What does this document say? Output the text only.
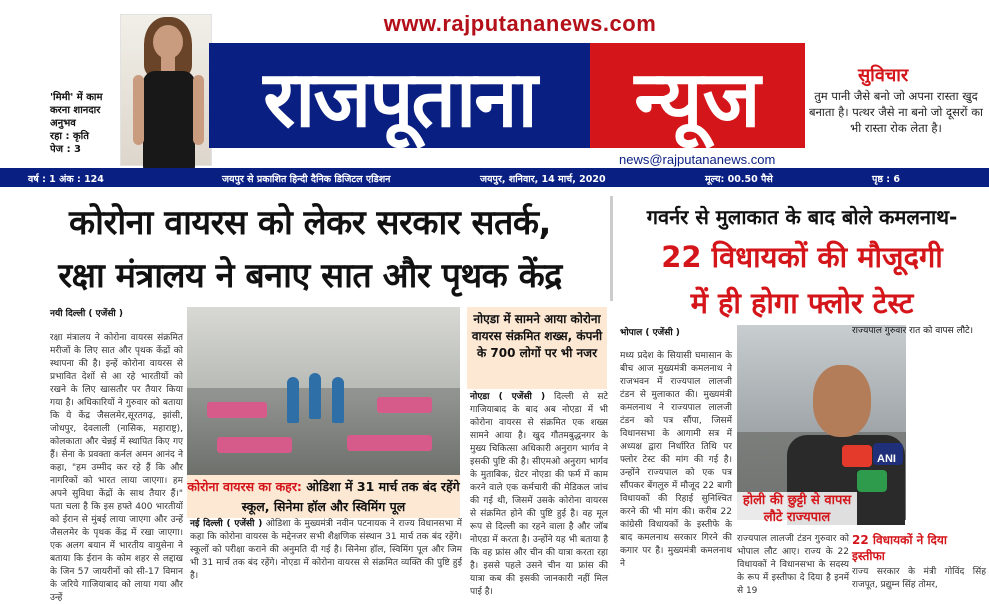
www.rajputananews.com
'मिमी' में काम
करना शानदार
अनुभव
रहा : कृति
पेज : 3
राजपूताना	न्यूज
news@rajputananews.com
सुविचार
तुम पानी जैसे बनो जो अपना रास्ता खुद बनाता है। पत्थर जैसे ना बनो जो दूसरों का भी रास्ता रोक लेता है।
वर्ष : 1 अंक : 124	जयपुर से प्रकाशित हिन्दी दैनिक डिजिटल एडिशन	जयपुर, शनिवार, 14 मार्च, 2020	मूल्य: 00.50 पैसे	पृष्ठ : 6
कोरोना वायरस को लेकर सरकार सतर्क,
रक्षा मंत्रालय ने बनाए सात और पृथक केंद्र
गवर्नर से मुलाकात के बाद बोले कमलनाथ-
22 विधायकों की मौजूदगी
में ही होगा फ्लोर टेस्ट
नयी दिल्ली ( एजेंसी )
रक्षा मंत्रालय ने कोरोना वायरस संक्रमित मरीजों के लिए सात और पृथक केंद्रों को स्थापना की है। इन्हें कोरोना वायरस से प्रभावित देशों से आ रहे भारतीयों को रखने के लिए खासतौर पर तैयार किया गया है। अधिकारियों ने गुरुवार को बताया कि ये केंद्र जैसलमेर,सूरतगढ़, झांसी, जोधपुर, देवलाली (नासिक, महाराष्ट्र), कोलकाता और चेन्नई में स्थापित किए गए हैं। सेना के प्रवक्ता कर्नल अमन आनंद ने कहा, "हम उम्मीद कर रहे हैं कि और नागरिकों को भारत लाया जाएगा। हम अपने सुविधा केंद्रों के साथ तैयार हैं।" पता चला है कि इस हफ्ते 400 भारतीयों को ईरान से मुंबई लाया जाएगा और उन्हें जैसलमेर के पृथक केंद्र में रखा जाएगा। एक अलग बयान में भारतीय वायुसेना ने बताया कि ईरान के कोम शहर से लद्दाख के जिन 57 जायरीनों को सी-17 विमान के जरिये गाजियाबाद को लाया गया और उन्हें
कोरोना वायरस का कहर: ओडिशा में 31 मार्च तक बंद रहेंगे स्कूल, सिनेमा हॉल और स्विमिंग पूल
नई दिल्ली ( एजेंसी ) ओडिशा के मुख्यमंत्री नवीन पटनायक ने राज्य विधानसभा में कहा कि कोरोना वायरस के मद्देनजर सभी शैक्षणिक संस्थान 31 मार्च तक बंद रहेंगे। स्कूलों को परीक्षा कराने की अनुमति दी गई है। सिनेमा हॉल, स्विमिंग पूल और जिम भी 31 मार्च तक बंद रहेंगे। नोएडा में कोरोना वायरस से संक्रमित व्यक्ति की पुष्टि हुई है।
नोएडा में सामने आया कोरोना वायरस संक्रमित शख्स, कंपनी के 700 लोगों पर भी नजर
नोएडा ( एजेंसी ) दिल्ली से सटे गाजियाबाद के बाद अब नोएडा में भी कोरोना वायरस से संक्रमित एक शख्स सामने आया है। खुद गौतमबुद्धनगर के मुख्य चिकित्सा अधिकारी अनुराग भार्गव ने इसकी पुष्टि की है। सीएमओ अनुराग भार्गव के मुताबिक, ग्रेटर नोएडा की फर्म में काम करने वाले एक कर्मचारी की मेडिकल जांच की गई थी, जिसमें उसके कोरोना वायरस से संक्रमित होने की पुष्टि हुई है। वह मूल रूप से दिल्ली का रहने वाला है और जॉब नोएडा में करता है। उन्होंने यह भी बताया है कि वह फ्रांस और चीन की यात्रा करता रहा है। इससे पहले उसने चीन या फ्रांस की यात्रा कब की इसकी जानकारी नहीं मिल पाई है।
भोपाल ( एजेंसी )
मध्य प्रदेश के सियासी घमासान के बीच आज मुख्यमंत्री कमलनाथ ने राजभवन में राज्यपाल लालजी टंडन से मुलाकात की। मुख्यमंत्री कमलनाथ ने राज्यपाल लालजी टंडन को पत्र सौंपा, जिसमें विधानसभा के आगामी सत्र में अध्यक्ष द्वारा निर्धारित तिथि पर फ्लोर टेस्ट की मांग की गई है। उन्होंने राज्यपाल को एक पत्र सौंपकर बेंगलुरु में मौजूद 22 बागी विधायकों की रिहाई सुनिश्चित करने की भी मांग की। करीब 22 कांग्रेसी विधायकों के इस्तीफे के बाद कमलनाथ सरकार गिरने की कगार पर है। मुख्यमंत्री कमलनाथ ने
ANI
राज्यपाल गुरुवार रात को वापस लौटे।
होली की छुट्टी से वापस लौटे राज्यपाल
राज्यपाल लालजी टंडन गुरुवार को भोपाल लौट आए। राज्य के 22 विधायकों ने विधानसभा के सदस्य के रूप में इस्तीफा दे दिया है इनमें से 19
22 विधायकों ने दिया इस्तीफा
राज्य सरकार के मंत्री गोविंद सिंह राजपूत, प्रद्युम्न सिंह तोमर,
